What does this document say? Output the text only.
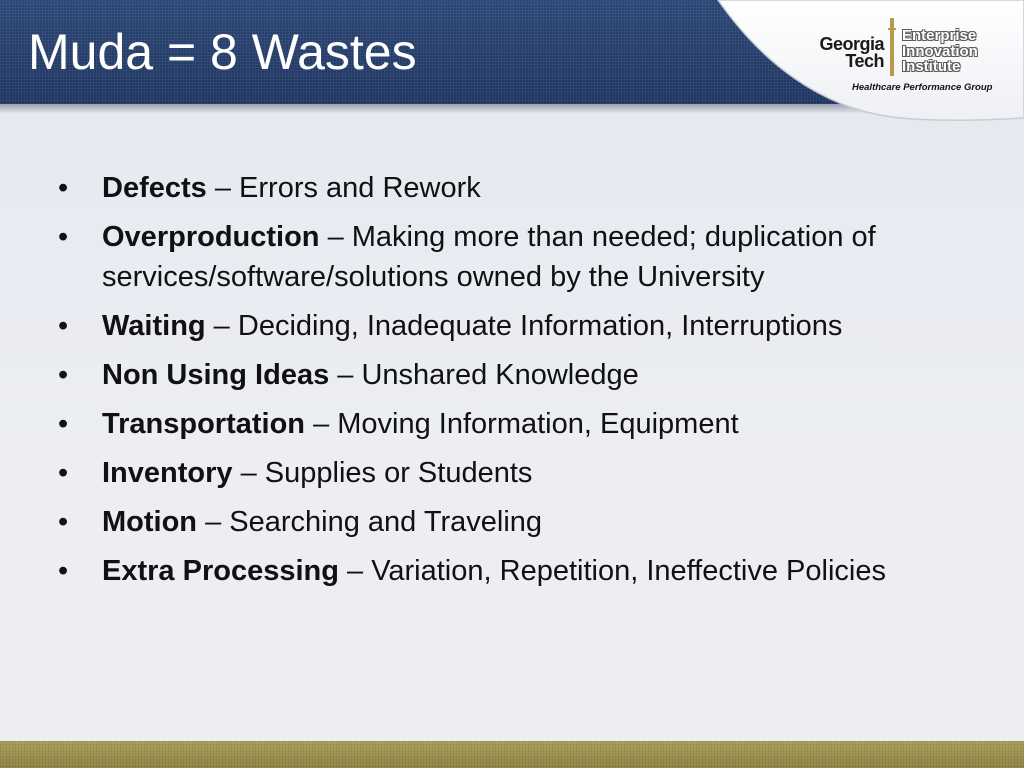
Muda = 8 Wastes	Georgia
Tech
Enterprise
Innovation
Institute
Healthcare Performance Group
• Defects – Errors and Rework
• Overproduction – Making more than needed; duplication of services/software/solutions owned by the University
• Waiting – Deciding, Inadequate Information, Interruptions
• Non Using Ideas – Unshared Knowledge
• Transportation – Moving Information, Equipment
• Inventory – Supplies or Students
• Motion – Searching and Traveling
• Extra Processing – Variation, Repetition, Ineffective Policies
